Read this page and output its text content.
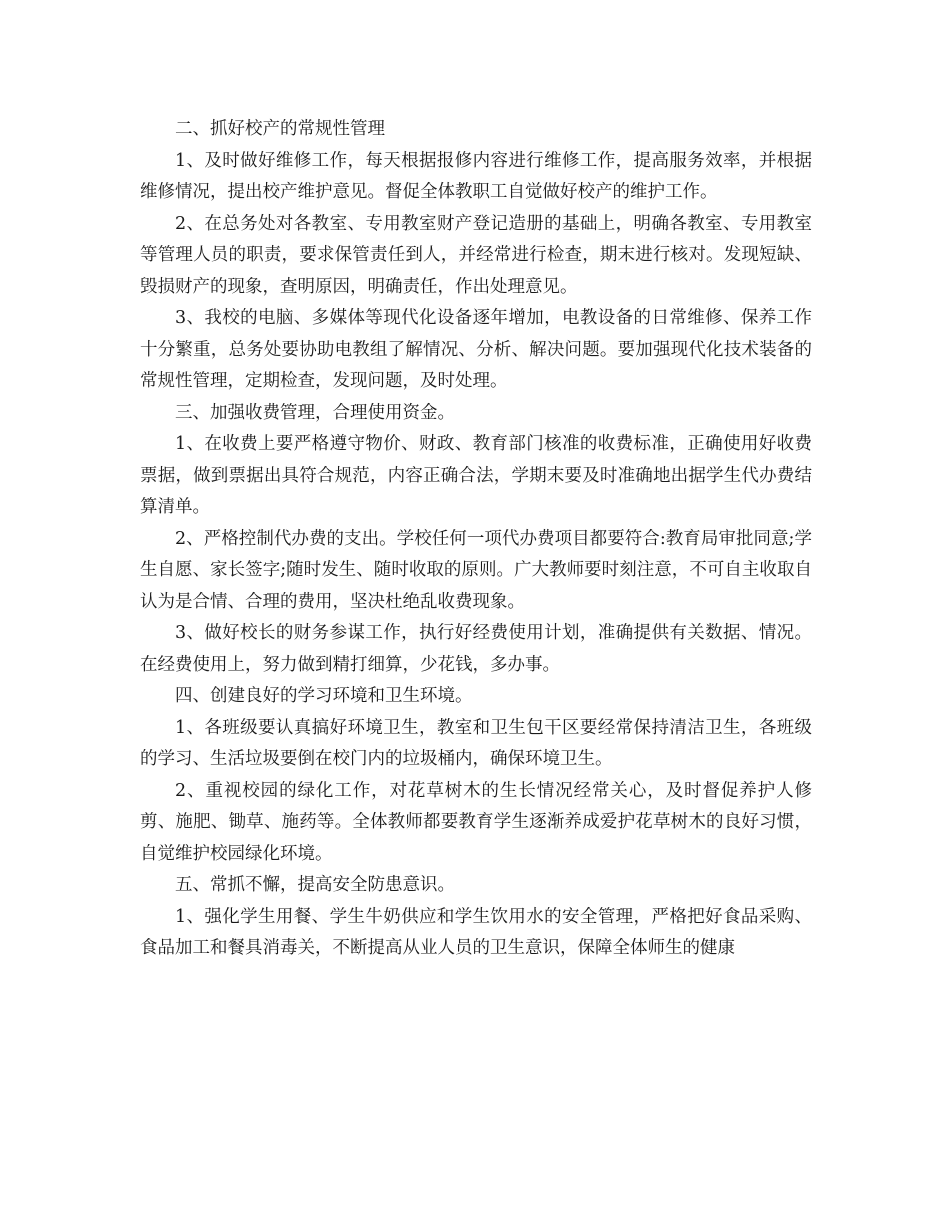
二、抓好校产的常规性管理

1、及时做好维修工作，每天根据报修内容进行维修工作，提高服务效率，并根据维修情况，提出校产维护意见。督促全体教职工自觉做好校产的维护工作。

2、在总务处对各教室、专用教室财产登记造册的基础上，明确各教室、专用教室等管理人员的职责，要求保管责任到人，并经常进行检查，期末进行核对。发现短缺、毁损财产的现象，查明原因，明确责任，作出处理意见。

3、我校的电脑、多媒体等现代化设备逐年增加，电教设备的日常维修、保养工作十分繁重，总务处要协助电教组了解情况、分析、解决问题。要加强现代化技术装备的常规性管理，定期检查，发现问题，及时处理。

三、加强收费管理，合理使用资金。

1、在收费上要严格遵守物价、财政、教育部门核准的收费标准，正确使用好收费票据，做到票据出具符合规范，内容正确合法，学期末要及时准确地出据学生代办费结算清单。

2、严格控制代办费的支出。学校任何一项代办费项目都要符合:教育局审批同意;学生自愿、家长签字;随时发生、随时收取的原则。广大教师要时刻注意，不可自主收取自认为是合情、合理的费用，坚决杜绝乱收费现象。

3、做好校长的财务参谋工作，执行好经费使用计划，准确提供有关数据、情况。在经费使用上，努力做到精打细算，少花钱，多办事。

四、创建良好的学习环境和卫生环境。

1、各班级要认真搞好环境卫生，教室和卫生包干区要经常保持清洁卫生，各班级的学习、生活垃圾要倒在校门内的垃圾桶内，确保环境卫生。

2、重视校园的绿化工作，对花草树木的生长情况经常关心，及时督促养护人修剪、施肥、锄草、施药等。全体教师都要教育学生逐渐养成爱护花草树木的良好习惯，自觉维护校园绿化环境。

五、常抓不懈，提高安全防患意识。

1、强化学生用餐、学生牛奶供应和学生饮用水的安全管理，严格把好食品采购、食品加工和餐具消毒关，不断提高从业人员的卫生意识，保障全体师生的健康
